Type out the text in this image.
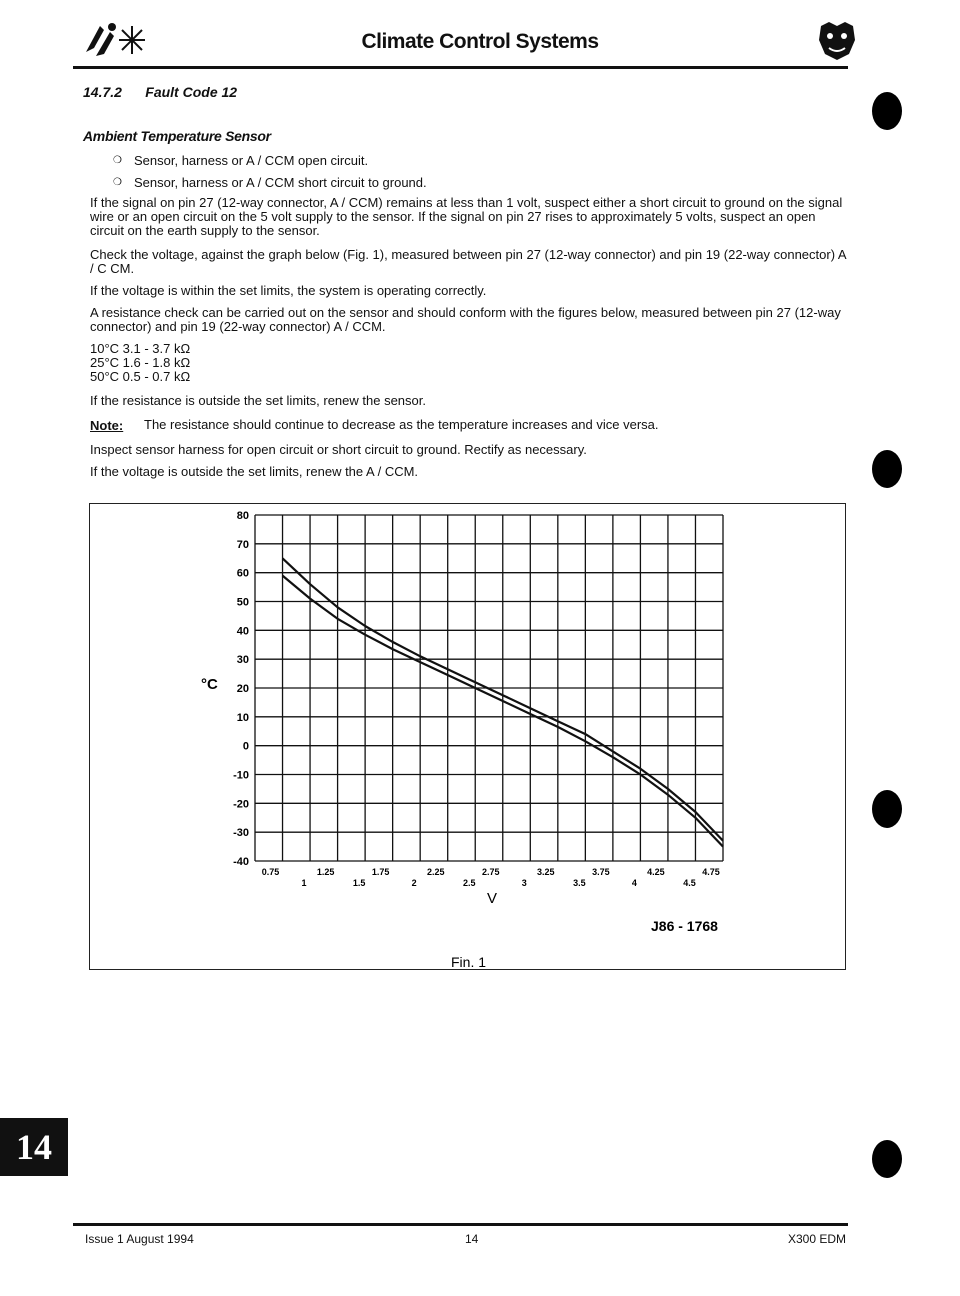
Climate Control Systems
14.7.2 Fault Code 12
Ambient Temperature Sensor
❍ Sensor, harness or A / CCM open circuit.
❍ Sensor, harness or A / CCM short circuit to ground.
If the signal on pin 27 (12-way connector, A / CCM) remains at less than 1 volt, suspect either a short circuit to ground on the signal wire or an open circuit on the 5 volt supply to the sensor. If the signal on pin 27 rises to approximately 5 volts, suspect an open circuit on the earth supply to the sensor.
Check the voltage, against the graph below (Fig. 1), measured between pin 27 (12-way connector) and pin 19 (22-way connector) A / C CM.
If the voltage is within the set limits, the system is operating correctly.
A resistance check can be carried out on the sensor and should conform with the figures below, measured between pin 27 (12-way connector) and pin 19 (22-way connector) A / CCM.
10°C 3.1 - 3.7 kΩ
25°C 1.6 - 1.8 kΩ
50°C 0.5 - 0.7 kΩ
If the resistance is outside the set limits, renew the sensor.
Note: The resistance should continue to decrease as the temperature increases and vice versa.
Inspect sensor harness for open circuit or short circuit to ground. Rectify as necessary.
If the voltage is outside the set limits, renew the A / CCM.
80
70
60
50
40
30
20
10
0
-10
-20
-30
-40
0.75	1.25	1.75	2.25	2.75	3.25	3.75	4.25	4.75
1	1.5	2	2.5	3	3.5	4	4.5
°C
V
J86 - 1768
Fin. 1
14
Issue 1 August 1994	14	X300 EDM
